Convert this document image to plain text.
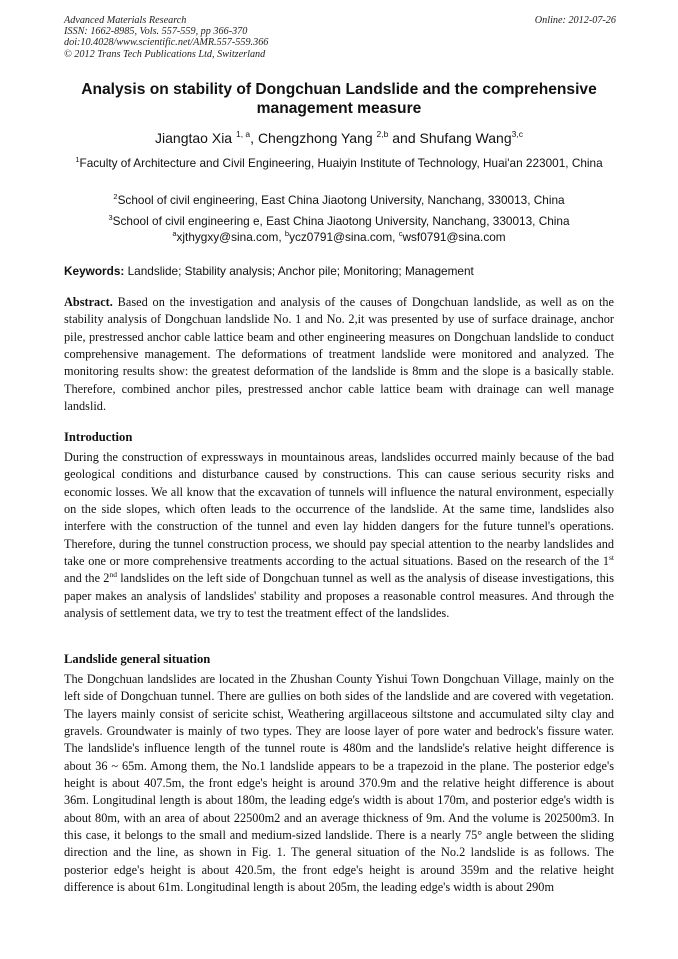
Advanced Materials Research
ISSN: 1662-8985, Vols. 557-559, pp 366-370
doi:10.4028/www.scientific.net/AMR.557-559.366
© 2012 Trans Tech Publications Ltd, Switzerland
Online: 2012-07-26
Analysis on stability of Dongchuan Landslide and the comprehensive management measure
Jiangtao Xia $^{1, a}$, Chengzhong Yang $^{2,b}$ and Shufang Wang$^{3,c}$
$^1$Faculty of Architecture and Civil Engineering, Huaiyin Institute of Technology, Huai'an 223001, China
$^2$School of civil engineering, East China Jiaotong University, Nanchang, 330013, China
$^3$School of civil engineering e, East China Jiaotong University, Nanchang, 330013, China
$^a$xjthygxy@sina.com, $^b$ycz0791@sina.com, $^c$wsf0791@sina.com
Keywords: Landslide; Stability analysis; Anchor pile; Monitoring; Management
Abstract. Based on the investigation and analysis of the causes of Dongchuan landslide, as well as on the stability analysis of Dongchuan landslide No. 1 and No. 2,it was presented by use of surface drainage, anchor pile, prestressed anchor cable lattice beam and other engineering measures on Dongchuan landslide to conduct comprehensive management. The deformations of treatment landslide were monitored and analyzed. The monitoring results show: the greatest deformation of the landslide is 8mm and the slope is a basically stable. Therefore, combined anchor piles, prestressed anchor cable lattice beam with drainage can well manage landslid.
Introduction
During the construction of expressways in mountainous areas, landslides occurred mainly because of the bad geological conditions and disturbance caused by constructions. This can cause serious security risks and economic losses. We all know that the excavation of tunnels will influence the natural environment, especially on the side slopes, which often leads to the occurrence of the landslide. At the same time, landslides also interfere with the construction of the tunnel and even lay hidden dangers for the future tunnel's operations. Therefore, during the tunnel construction process, we should pay special attention to the nearby landslides and take one or more comprehensive treatments according to the actual situations. Based on the research of the 1st and the 2nd landslides on the left side of Dongchuan tunnel as well as the analysis of disease investigations, this paper makes an analysis of landslides' stability and proposes a reasonable control measures. And through the analysis of settlement data, we try to test the treatment effect of the landslides.
Landslide general situation
The Dongchuan landslides are located in the Zhushan County Yishui Town Dongchuan Village, mainly on the left side of Dongchuan tunnel. There are gullies on both sides of the landslide and are covered with vegetation. The layers mainly consist of sericite schist, Weathering argillaceous siltstone and accumulated silty clay and gravels. Groundwater is mainly of two types. They are loose layer of pore water and bedrock's fissure water. The landslide's influence length of the tunnel route is 480m and the landslide's relative height difference is about 36 ~ 65m. Among them, the No.1 landslide appears to be a trapezoid in the plane. The posterior edge's height is about 407.5m, the front edge's height is around 370.9m and the relative height difference is about 36m. Longitudinal length is about 180m, the leading edge's width is about 170m, and posterior edge's width is about 80m, with an area of about 22500m2 and an average thickness of 9m. And the volume is 202500m3. In this case, it belongs to the small and medium-sized landslide. There is a nearly 75° angle between the sliding direction and the line, as shown in Fig. 1. The general situation of the No.2 landslide is as follows. The posterior edge's height is about 420.5m, the front edge's height is around 359m and the relative height difference is about 61m. Longitudinal length is about 205m, the leading edge's width is about 290m
